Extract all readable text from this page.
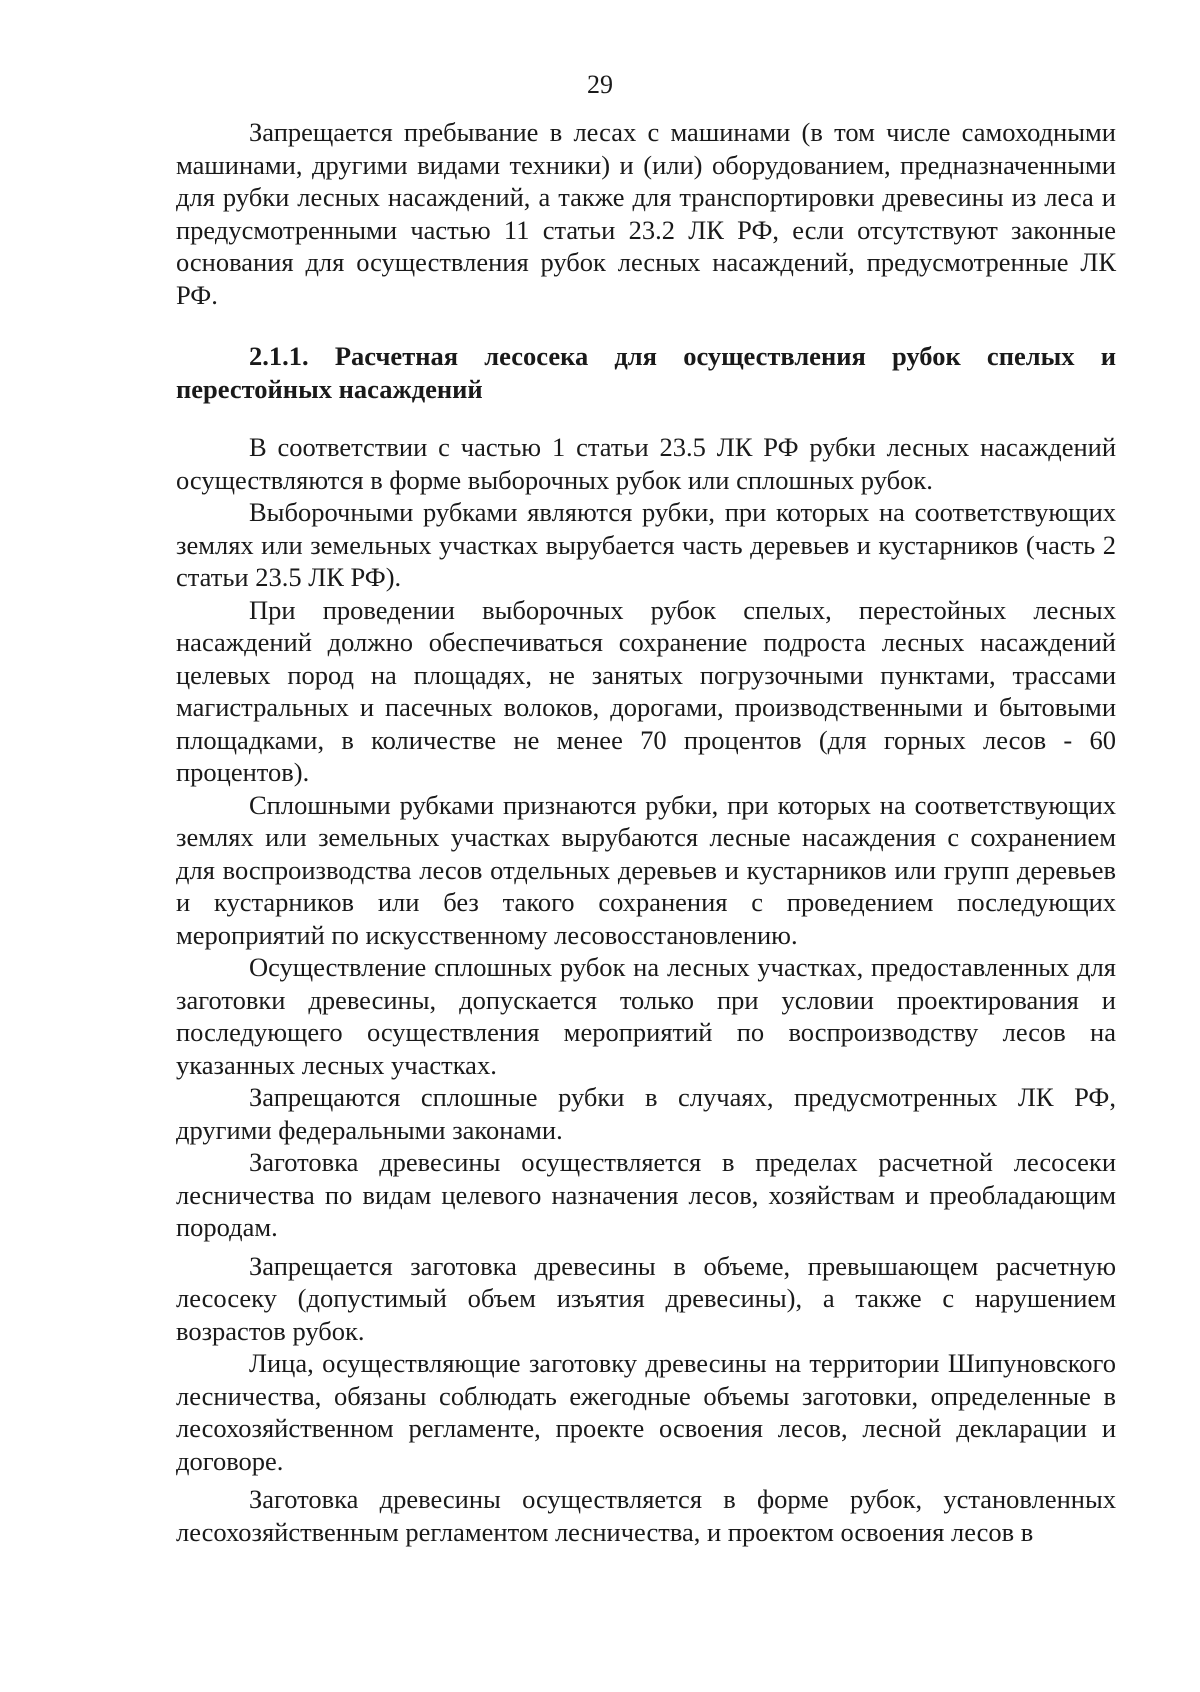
29

Запрещается пребывание в лесах с машинами (в том числе самоходными машинами, другими видами техники) и (или) оборудованием, предназначенными для рубки лесных насаждений, а также для транспортировки древесины из леса и предусмотренными частью 11 статьи 23.2 ЛК РФ, если отсутствуют законные основания для осуществления рубок лесных насаждений, предусмотренные ЛК РФ.

2.1.1. Расчетная лесосека для осуществления рубок спелых и перестойных насаждений

В соответствии с частью 1 статьи 23.5 ЛК РФ рубки лесных насаждений осуществляются в форме выборочных рубок или сплошных рубок.

Выборочными рубками являются рубки, при которых на соответствующих землях или земельных участках вырубается часть деревьев и кустарников (часть 2 статьи 23.5 ЛК РФ).

При проведении выборочных рубок спелых, перестойных лесных насаждений должно обеспечиваться сохранение подроста лесных насаждений целевых пород на площадях, не занятых погрузочными пунктами, трассами магистральных и пасечных волоков, дорогами, производственными и бытовыми площадками, в количестве не менее 70 процентов (для горных лесов - 60 процентов).

Сплошными рубками признаются рубки, при которых на соответствующих землях или земельных участках вырубаются лесные насаждения с сохранением для воспроизводства лесов отдельных деревьев и кустарников или групп деревьев и кустарников или без такого сохранения с проведением последующих мероприятий по искусственному лесовосстановлению.

Осуществление сплошных рубок на лесных участках, предоставленных для заготовки древесины, допускается только при условии проектирования и последующего осуществления мероприятий по воспроизводству лесов на указанных лесных участках.

Запрещаются сплошные рубки в случаях, предусмотренных ЛК РФ, другими федеральными законами.

Заготовка древесины осуществляется в пределах расчетной лесосеки лесничества по видам целевого назначения лесов, хозяйствам и преобладающим породам.

Запрещается заготовка древесины в объеме, превышающем расчетную лесосеку (допустимый объем изъятия древесины), а также с нарушением возрастов рубок.

Лица, осуществляющие заготовку древесины на территории Шипуновского лесничества, обязаны соблюдать ежегодные объемы заготовки, определенные в лесохозяйственном регламенте, проекте освоения лесов, лесной декларации и договоре.

Заготовка древесины осуществляется в форме рубок, установленных лесохозяйственным регламентом лесничества, и проектом освоения лесов в
